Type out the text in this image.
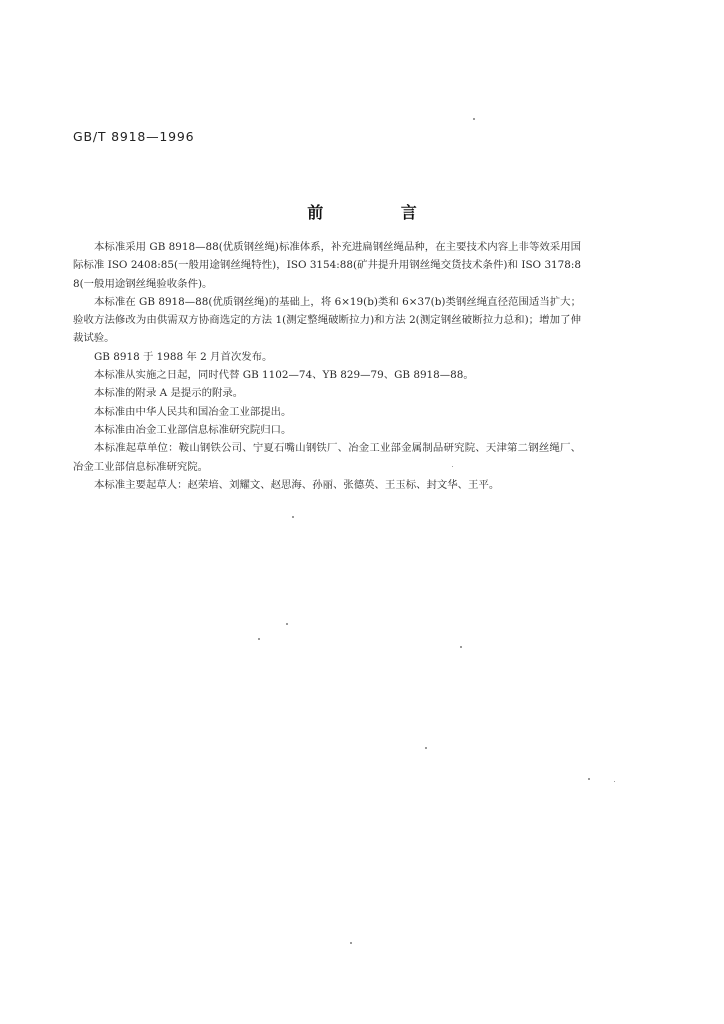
GB/T 8918—1996
前 言

本标准采用 GB 8918—88(优质钢丝绳)标准体系，补充进扁钢丝绳品种，在主要技术内容上非等效采用国际标准 ISO 2408:85(一般用途钢丝绳特性)，ISO 3154:88(矿井提升用钢丝绳交货技术条件)和 ISO 3178:88(一般用途钢丝绳验收条件)。

本标准在 GB 8918—88(优质钢丝绳)的基础上，将 6×19(b)类和 6×37(b)类钢丝绳直径范围适当扩大；验收方法修改为由供需双方协商选定的方法 1(测定整绳破断拉力)和方法 2(测定钢丝破断拉力总和)；增加了伸裁试验。

GB 8918 于 1988 年 2 月首次发布。

本标准从实施之日起，同时代替 GB 1102—74、YB 829—79、GB 8918—88。

本标准的附录 A 是提示的附录。

本标准由中华人民共和国冶金工业部提出。

本标准由冶金工业部信息标准研究院归口。

本标准起草单位：鞍山钢铁公司、宁夏石嘴山钢铁厂、冶金工业部金属制品研究院、天津第二钢丝绳厂、冶金工业部信息标准研究院。

本标准主要起草人：赵荣培、刘耀文、赵思海、孙丽、张德英、王玉标、封文华、王平。
